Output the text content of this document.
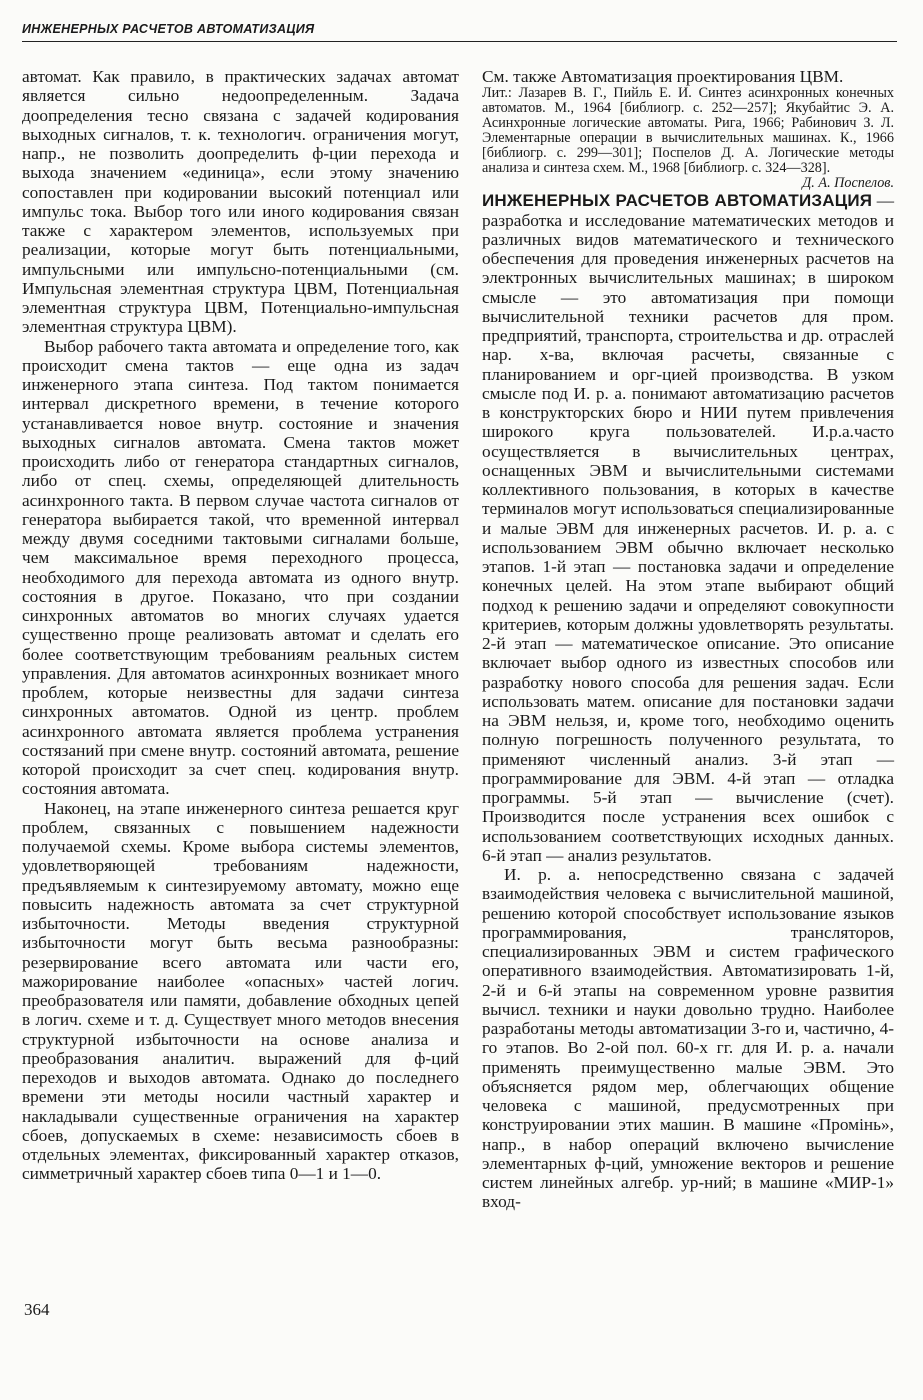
ИНЖЕНЕРНЫХ РАСЧЕТОВ АВТОМАТИЗАЦИЯ

автомат. Как правило, в практических задачах автомат является сильно недоопределенным. Задача доопределения тесно связана с задачей кодирования выходных сигналов, т. к. технологич. ограничения могут, напр., не позволить доопределить ф-ции перехода и выхода значением «единица», если этому значению сопоставлен при кодировании высокий потенциал или импульс тока. Выбор того или иного кодирования связан также с характером элементов, используемых при реализации, которые могут быть потенциальными, импульсными или импульсно-потенциальными (см. Импульсная элементная структура ЦВМ, Потенциальная элементная структура ЦВМ, Потенциально-импульсная элементная структура ЦВМ).

Выбор рабочего такта автомата и определение того, как происходит смена тактов — еще одна из задач инженерного этапа синтеза. Под тактом понимается интервал дискретного времени, в течение которого устанавливается новое внутр. состояние и значения выходных сигналов автомата. Смена тактов может происходить либо от генератора стандартных сигналов, либо от спец. схемы, определяющей длительность асинхронного такта. В первом случае частота сигналов от генератора выбирается такой, что временной интервал между двумя соседними тактовыми сигналами больше, чем максимальное время переходного процесса, необходимого для перехода автомата из одного внутр. состояния в другое. Показано, что при создании синхронных автоматов во многих случаях удается существенно проще реализовать автомат и сделать его более соответствующим требованиям реальных систем управления. Для автоматов асинхронных возникает много проблем, которые неизвестны для задачи синтеза синхронных автоматов. Одной из центр. проблем асинхронного автомата является проблема устранения состязаний при смене внутр. состояний автомата, решение которой происходит за счет спец. кодирования внутр. состояния автомата.

Наконец, на этапе инженерного синтеза решается круг проблем, связанных с повышением надежности получаемой схемы. Кроме выбора системы элементов, удовлетворяющей требованиям надежности, предъявляемым к синтезируемому автомату, можно еще повысить надежность автомата за счет структурной избыточности. Методы введения структурной избыточности могут быть весьма разнообразны: резервирование всего автомата или части его, мажорирование наиболее «опасных» частей логич. преобразователя или памяти, добавление обходных цепей в логич. схеме и т. д. Существует много методов внесения структурной избыточности на основе анализа и преобразования аналитич. выражений для ф-ций переходов и выходов автомата. Однако до последнего времени эти методы носили частный характер и накладывали существенные ограничения на характер сбоев, допускаемых в схеме: независимость сбоев в отдельных элементах, фиксированный характер отказов, симметричный характер сбоев типа 0—1 и 1—0.

См. также Автоматизация проектирования ЦВМ.

Лит.: Лазарев В. Г., Пийль Е. И. Синтез асинхронных конечных автоматов. М., 1964 [библиогр. с. 252—257]; Якубайтис Э. А. Асинхронные логические автоматы. Рига, 1966; Рабинович З. Л. Элементарные операции в вычислительных машинах. К., 1966 [библиогр. с. 299—301]; Поспелов Д. А. Логические методы анализа и синтеза схем. М., 1968 [библиогр. с. 324—328].

Д. А. Поспелов.

ИНЖЕНЕРНЫХ РАСЧЕТОВ АВТОМАТИЗАЦИЯ — разработка и исследование математических методов и различных видов математического и технического обеспечения для проведения инженерных расчетов на электронных вычислительных машинах; в широком смысле — это автоматизация при помощи вычислительной техники расчетов для пром. предприятий, транспорта, строительства и др. отраслей нар. х-ва, включая расчеты, связанные с планированием и орг-цией производства. В узком смысле под И. р. а. понимают автоматизацию расчетов в конструкторских бюро и НИИ путем привлечения широкого круга пользователей. И.р.а.часто осуществляется в вычислительных центрах, оснащенных ЭВМ и вычислительными системами коллективного пользования, в которых в качестве терминалов могут использоваться специализированные и малые ЭВМ для инженерных расчетов. И. р. а. с использованием ЭВМ обычно включает несколько этапов. 1-й этап — постановка задачи и определение конечных целей. На этом этапе выбирают общий подход к решению задачи и определяют совокупности критериев, которым должны удовлетворять результаты. 2-й этап — математическое описание. Это описание включает выбор одного из известных способов или разработку нового способа для решения задач. Если использовать матем. описание для постановки задачи на ЭВМ нельзя, и, кроме того, необходимо оценить полную погрешность полученного результата, то применяют численный анализ. 3-й этап — программирование для ЭВМ. 4-й этап — отладка программы. 5-й этап — вычисление (счет). Производится после устранения всех ошибок с использованием соответствующих исходных данных. 6-й этап — анализ результатов.

И. р. а. непосредственно связана с задачей взаимодействия человека с вычислительной машиной, решению которой способствует использование языков программирования, трансляторов, специализированных ЭВМ и систем графического оперативного взаимодействия. Автоматизировать 1-й, 2-й и 6-й этапы на современном уровне развития вычисл. техники и науки довольно трудно. Наиболее разработаны методы автоматизации 3-го и, частично, 4-го этапов. Во 2-ой пол. 60-х гг. для И. р. а. начали применять преимущественно малые ЭВМ. Это объясняется рядом мер, облегчающих общение человека с машиной, предусмотренных при конструировании этих машин. В машине «Промінь», напр., в набор операций включено вычисление элементарных ф-ций, умножение векторов и решение систем линейных алгебр. ур-ний; в машине «МИР-1» вход-

364
